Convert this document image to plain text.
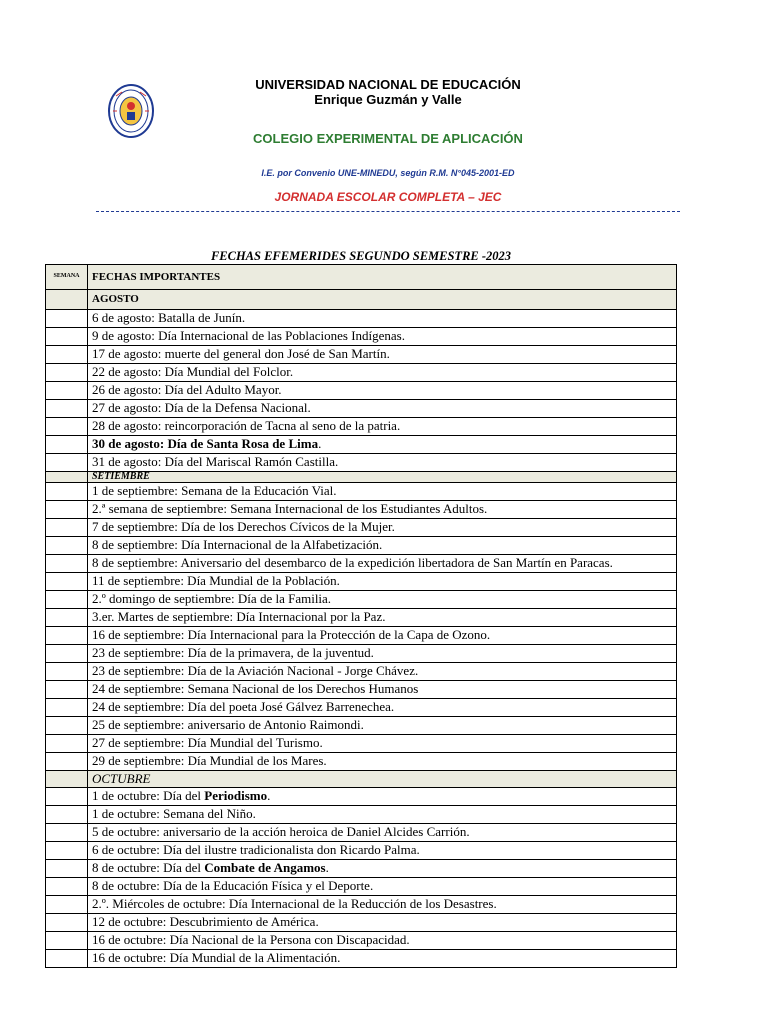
UNIVERSIDAD NACIONAL DE EDUCACIÓN
Enrique Guzmán y Valle
COLEGIO EXPERIMENTAL DE APLICACIÓN
I.E. por Convenio UNE-MINEDU, según R.M. N°045-2001-ED
JORNADA ESCOLAR COMPLETA – JEC
FECHAS EFEMERIDES SEGUNDO SEMESTRE -2023
SEMANA	FECHAS IMPORTANTES
	AGOSTO
	6 de agosto: Batalla de Junín.
	9 de agosto: Día Internacional de las Poblaciones Indígenas.
	17 de agosto: muerte del general don José de San Martín.
	22 de agosto: Día Mundial del Folclor.
	26 de agosto: Día del Adulto Mayor.
	27 de agosto: Día de la Defensa Nacional.
	28 de agosto: reincorporación de Tacna al seno de la patria.
	30 de agosto: Día de Santa Rosa de Lima.
	31 de agosto: Día del Mariscal Ramón Castilla.
	SETIEMBRE
	1 de septiembre: Semana de la Educación Vial.
	2.ª semana de septiembre: Semana Internacional de los Estudiantes Adultos.
	7 de septiembre: Día de los Derechos Cívicos de la Mujer.
	8 de septiembre: Día Internacional de la Alfabetización.
	8 de septiembre: Aniversario del desembarco de la expedición libertadora de San Martín en Paracas.
	11 de septiembre: Día Mundial de la Población.
	2.º domingo de septiembre: Día de la Familia.
	3.er. Martes de septiembre: Día Internacional por la Paz.
	16 de septiembre: Día Internacional para la Protección de la Capa de Ozono.
	23 de septiembre: Día de la primavera, de la juventud.
	23 de septiembre: Día de la Aviación Nacional - Jorge Chávez.
	24 de septiembre: Semana Nacional de los Derechos Humanos
	24 de septiembre: Día del poeta José Gálvez Barrenechea.
	25 de septiembre: aniversario de Antonio Raimondi.
	27 de septiembre: Día Mundial del Turismo.
	29 de septiembre: Día Mundial de los Mares.
	OCTUBRE
	1 de octubre: Día del Periodismo.
	1 de octubre: Semana del Niño.
	5 de octubre: aniversario de la acción heroica de Daniel Alcides Carrión.
	6 de octubre: Día del ilustre tradicionalista don Ricardo Palma.
	8 de octubre: Día del Combate de Angamos.
	8 de octubre: Día de la Educación Física y el Deporte.
	2.º. Miércoles de octubre: Día Internacional de la Reducción de los Desastres.
	12 de octubre: Descubrimiento de América.
	16 de octubre: Día Nacional de la Persona con Discapacidad.
	16 de octubre: Día Mundial de la Alimentación.
